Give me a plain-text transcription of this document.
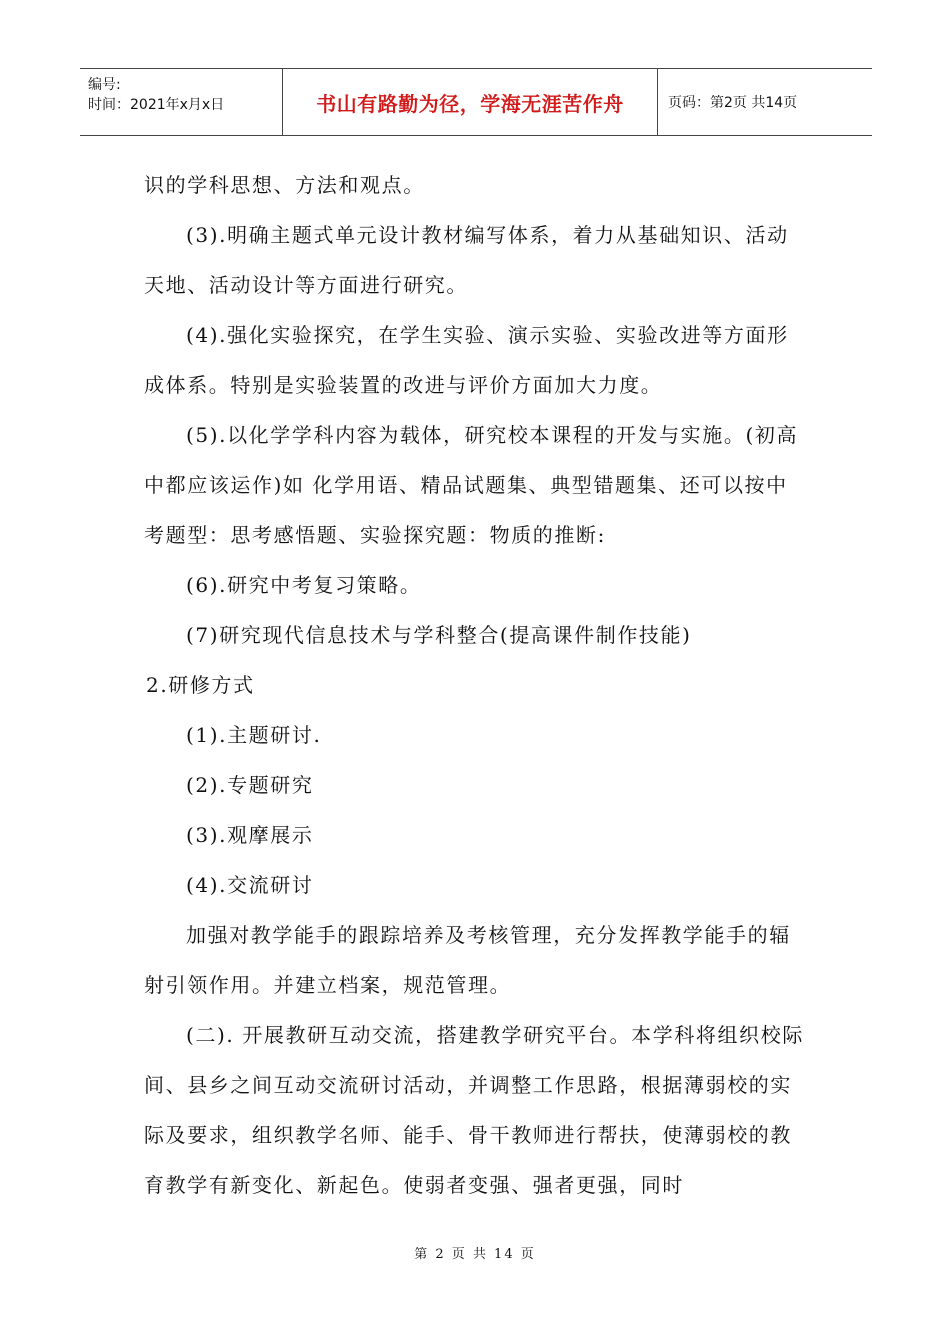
编号:
时间：2021年x月x日	书山有路勤为径，学海无涯苦作舟	页码：第2页 共14页

识的学科思想、方法和观点。

(3).明确主题式单元设计教材编写体系，着力从基础知识、活动天地、活动设计等方面进行研究。

(4).强化实验探究，在学生实验、演示实验、实验改进等方面形成体系。特别是实验装置的改进与评价方面加大力度。

(5).以化学学科内容为载体，研究校本课程的开发与实施。(初高中都应该运作)如 化学用语、精品试题集、典型错题集、还可以按中考题型：思考感悟题、实验探究题：物质的推断:

(6).研究中考复习策略。

(7)研究现代信息技术与学科整合(提高课件制作技能)

2.研修方式

(1).主题研讨.

(2).专题研究

(3).观摩展示

(4).交流研讨

加强对教学能手的跟踪培养及考核管理，充分发挥教学能手的辐射引领作用。并建立档案，规范管理。

(二). 开展教研互动交流，搭建教学研究平台。本学科将组织校际间、县乡之间互动交流研讨活动，并调整工作思路，根据薄弱校的实际及要求，组织教学名师、能手、骨干教师进行帮扶，使薄弱校的教育教学有新变化、新起色。使弱者变强、强者更强，同时

第 2 页 共 14 页
